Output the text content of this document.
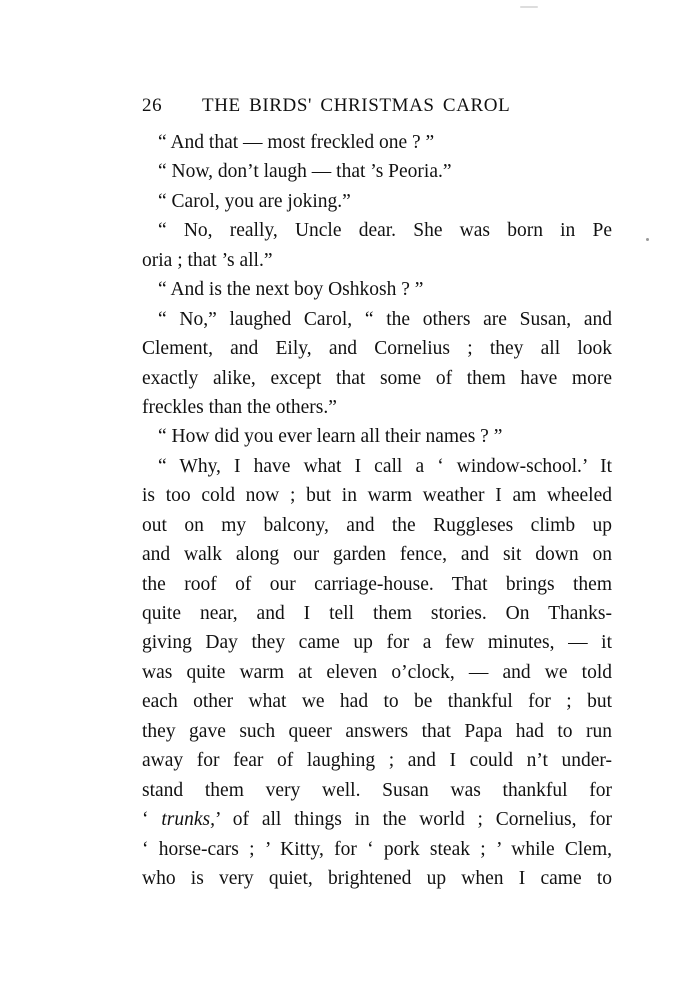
26 THE BIRDS' CHRISTMAS CAROL
“ And that — most freckled one ? ”
“ Now, don’t laugh — that ’s Peoria.”
“ Carol, you are joking.”
“ No, really, Uncle dear. She was born in Pe
oria ; that ’s all.”
“ And is the next boy Oshkosh ? ”
“ No,” laughed Carol, “ the others are Susan, and
Clement, and Eily, and Cornelius ; they all look
exactly alike, except that some of them have more
freckles than the others.”
“ How did you ever learn all their names ? ”
“ Why, I have what I call a ‘ window-school.’ It
is too cold now ; but in warm weather I am wheeled
out on my balcony, and the Ruggleses climb up
and walk along our garden fence, and sit down on
the roof of our carriage-house. That brings them
quite near, and I tell them stories. On Thanks-
giving Day they came up for a few minutes, — it
was quite warm at eleven o’clock, — and we told
each other what we had to be thankful for ; but
they gave such queer answers that Papa had to run
away for fear of laughing ; and I could n’t under-
stand them very well. Susan was thankful for
‘ trunks,’ of all things in the world ; Cornelius, for
‘ horse-cars ; ’ Kitty, for ‘ pork steak ; ’ while Clem,
who is very quiet, brightened up when I came to
